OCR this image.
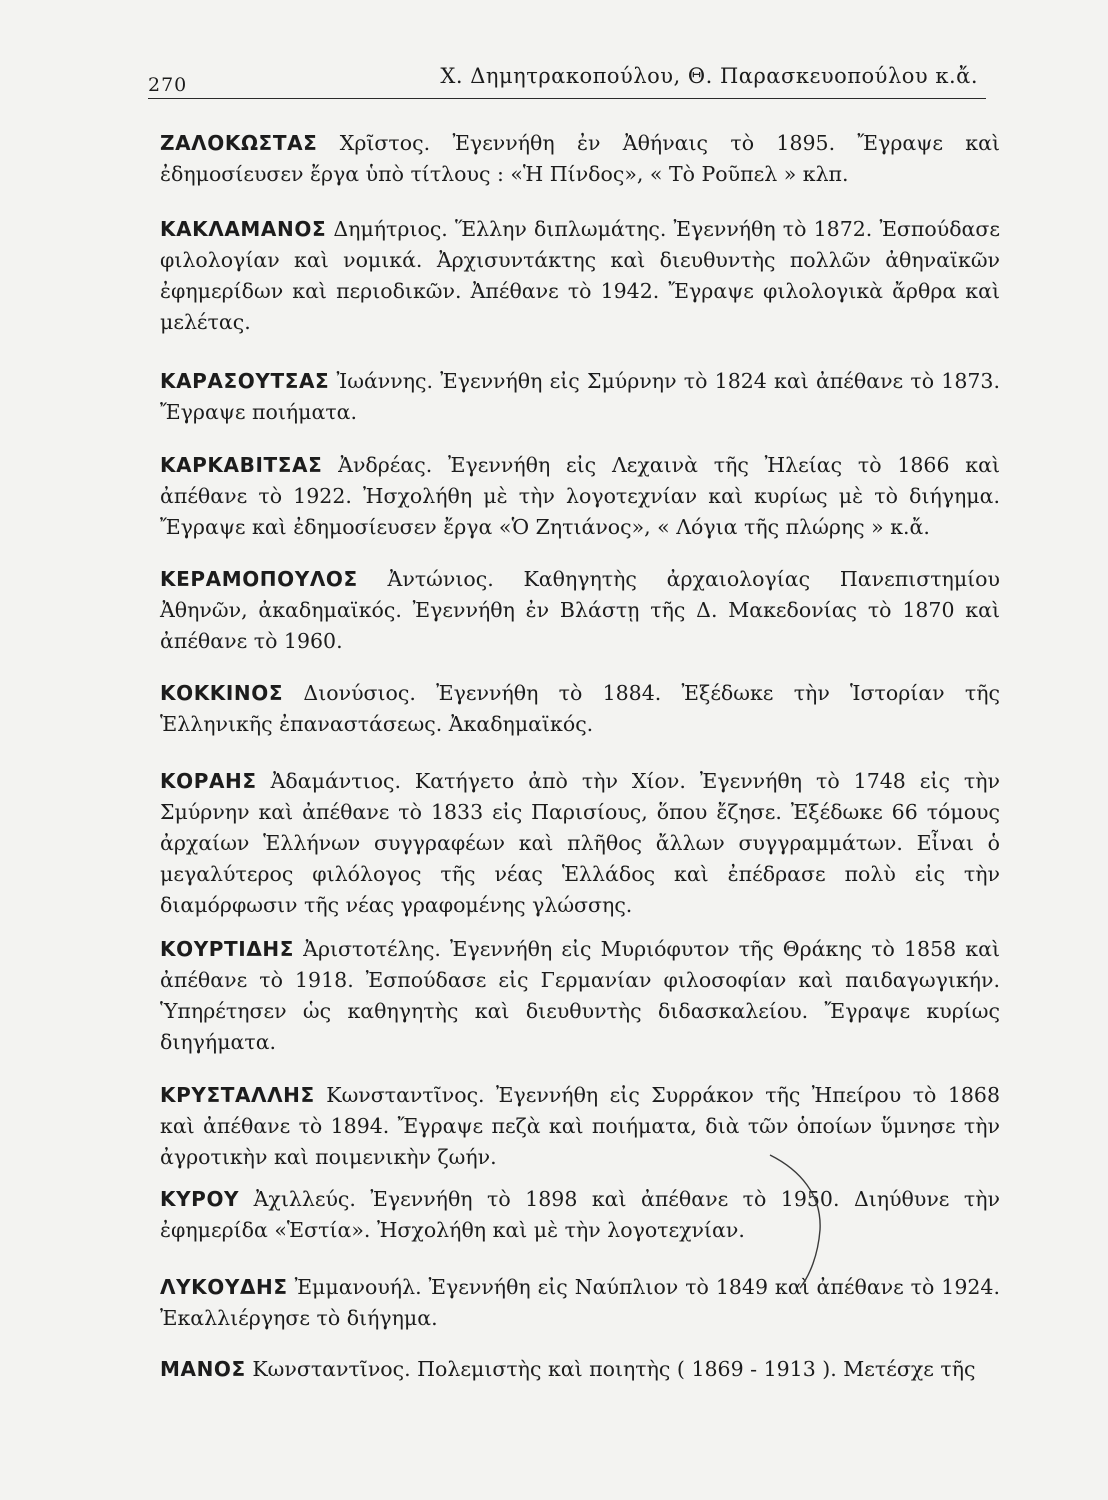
270	Χ. Δημητρακοπούλου, Θ. Παρασκευοπούλου κ.ἄ.

ΖΑΛΟΚΩΣΤΑΣ Χρῖστος. Ἐγεννήθη ἐν Ἀθήναις τὸ 1895. Ἔγραψε καὶ ἐδημοσίευσεν ἔργα ὑπὸ τίτλους : «Ἡ Πίνδος», « Τὸ Ροῦπελ » κλπ.

ΚΑΚΛΑΜΑΝΟΣ Δημήτριος. Ἕλλην διπλωμάτης. Ἐγεννήθη τὸ 1872. Ἐσπούδασε φιλολογίαν καὶ νομικά. Ἀρχισυντάκτης καὶ διευθυντὴς πολλῶν ἀθηναϊκῶν ἐφημερίδων καὶ περιοδικῶν. Ἀπέθανε τὸ 1942. Ἔγραψε φιλολογικὰ ἄρθρα καὶ μελέτας.

ΚΑΡΑΣΟΥΤΣΑΣ Ἰωάννης. Ἐγεννήθη εἰς Σμύρνην τὸ 1824 καὶ ἀπέθανε τὸ 1873. Ἔγραψε ποιήματα.

ΚΑΡΚΑΒΙΤΣΑΣ Ἀνδρέας. Ἐγεννήθη εἰς Λεχαινὰ τῆς Ἠλείας τὸ 1866 καὶ ἀπέθανε τὸ 1922. Ἠσχολήθη μὲ τὴν λογοτεχνίαν καὶ κυρίως μὲ τὸ διήγημα. Ἔγραψε καὶ ἐδημοσίευσεν ἔργα «Ὁ Ζητιάνος», « Λόγια τῆς πλώρης » κ.ἄ.

ΚΕΡΑΜΟΠΟΥΛΟΣ Ἀντώνιος. Καθηγητὴς ἀρχαιολογίας Πανεπιστημίου Ἀθηνῶν, ἀκαδημαϊκός. Ἐγεννήθη ἐν Βλάστῃ τῆς Δ. Μακεδονίας τὸ 1870 καὶ ἀπέθανε τὸ 1960.

ΚΟΚΚΙΝΟΣ Διονύσιος. Ἐγεννήθη τὸ 1884. Ἐξέδωκε τὴν Ἱστορίαν τῆς Ἑλληνικῆς ἐπαναστάσεως. Ἀκαδημαϊκός.

ΚΟΡΑΗΣ Ἀδαμάντιος. Κατήγετο ἀπὸ τὴν Χίον. Ἐγεννήθη τὸ 1748 εἰς τὴν Σμύρνην καὶ ἀπέθανε τὸ 1833 εἰς Παρισίους, ὅπου ἔζησε. Ἐξέδωκε 66 τόμους ἀρχαίων Ἑλλήνων συγγραφέων καὶ πλῆθος ἄλλων συγγραμμάτων. Εἶναι ὁ μεγαλύτερος φιλόλογος τῆς νέας Ἑλλάδος καὶ ἐπέδρασε πολὺ εἰς τὴν διαμόρφωσιν τῆς νέας γραφομένης γλώσσης.

ΚΟΥΡΤΙΔΗΣ Ἀριστοτέλης. Ἐγεννήθη εἰς Μυριόφυτον τῆς Θράκης τὸ 1858 καὶ ἀπέθανε τὸ 1918. Ἐσπούδασε εἰς Γερμανίαν φιλοσοφίαν καὶ παιδαγωγικήν. Ὑπηρέτησεν ὡς καθηγητὴς καὶ διευθυντὴς διδασκαλείου. Ἔγραψε κυρίως διηγήματα.

ΚΡΥΣΤΑΛΛΗΣ Κωνσταντῖνος. Ἐγεννήθη εἰς Συρράκον τῆς Ἠπείρου τὸ 1868 καὶ ἀπέθανε τὸ 1894. Ἔγραψε πεζὰ καὶ ποιήματα, διὰ τῶν ὁποίων ὕμνησε τὴν ἀγροτικὴν καὶ ποιμενικὴν ζωήν.

ΚΥΡΟΥ Ἀχιλλεύς. Ἐγεννήθη τὸ 1898 καὶ ἀπέθανε τὸ 1950. Διηύθυνε τὴν ἐφημερίδα «Ἑστία». Ἠσχολήθη καὶ μὲ τὴν λογοτεχνίαν.

ΛΥΚΟΥΔΗΣ Ἐμμανουήλ. Ἐγεννήθη εἰς Ναύπλιον τὸ 1849 καὶ ἀπέθανε τὸ 1924. Ἐκαλλιέργησε τὸ διήγημα.

ΜΑΝΟΣ Κωνσταντῖνος. Πολεμιστὴς καὶ ποιητὴς ( 1869 - 1913 ). Μετέσχε τῆς
